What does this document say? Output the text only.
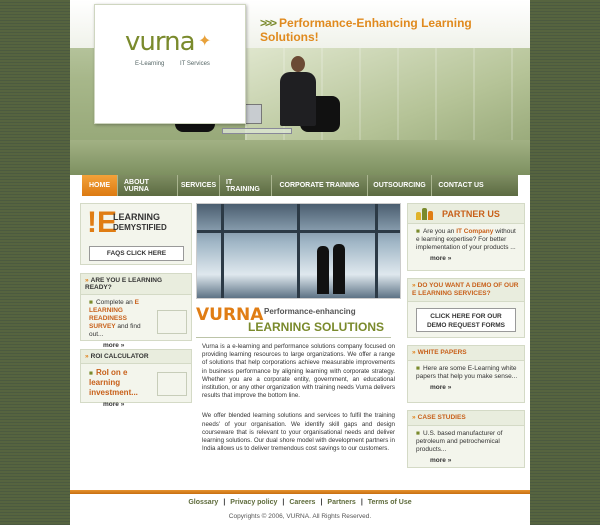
vurna ✦
E-Learning	IT Services
>>> Performance-Enhancing Learning Solutions!
HOME	ABOUT VURNA	SERVICES	IT TRAINING	CORPORATE TRAINING	OUTSOURCING	CONTACT US
!E
LEARNING
DEMYSTIFIED
FAQS CLICK HERE
» ARE YOU E LEARNING READY?
■ Complete an E LEARNING READINESS SURVEY and find out...
more »
» ROI CALCULATOR
■ RoI on e learning investment...
more »
VURNA Performance-enhancing
LEARNING SOLUTIONS

Vurna is a e-learning and performance solutions company focused on providing learning resources to large organizations. We offer a range of solutions that help corporations achieve measurable improvements in business performance by aligning learning with corporate strategy. Whether you are a corporate entity, government, an educational institution, or any other organization with training needs Vurna delivers results that improve the bottom line.

We offer blended learning solutions and services to fulfil the training needs' of your organisation. We identify skill gaps and design courseware that is relevant to your organisational needs and deliver learning solutions. Our dual shore model with development partners in India allows us to deliver tremendous cost savings to our customers.

PARTNER US
■ Are you an IT Company without e learning expertise? For better implementation of your products ...
more »
» DO YOU WANT A DEMO OF OUR E LEARNING SERVICES?
CLICK HERE FOR OUR
DEMO REQUEST FORMS
» WHITE PAPERS
■ Here are some E-Learning white papers that help you make sense...
more »
» CASE STUDIES
■ U.S. based manufacturer of petroleum and petrochemical products...
more »
Glossary | Privacy policy | Careers | Partners | Terms of Use
Copyrights © 2006, VURNA. All Rights Reserved.
